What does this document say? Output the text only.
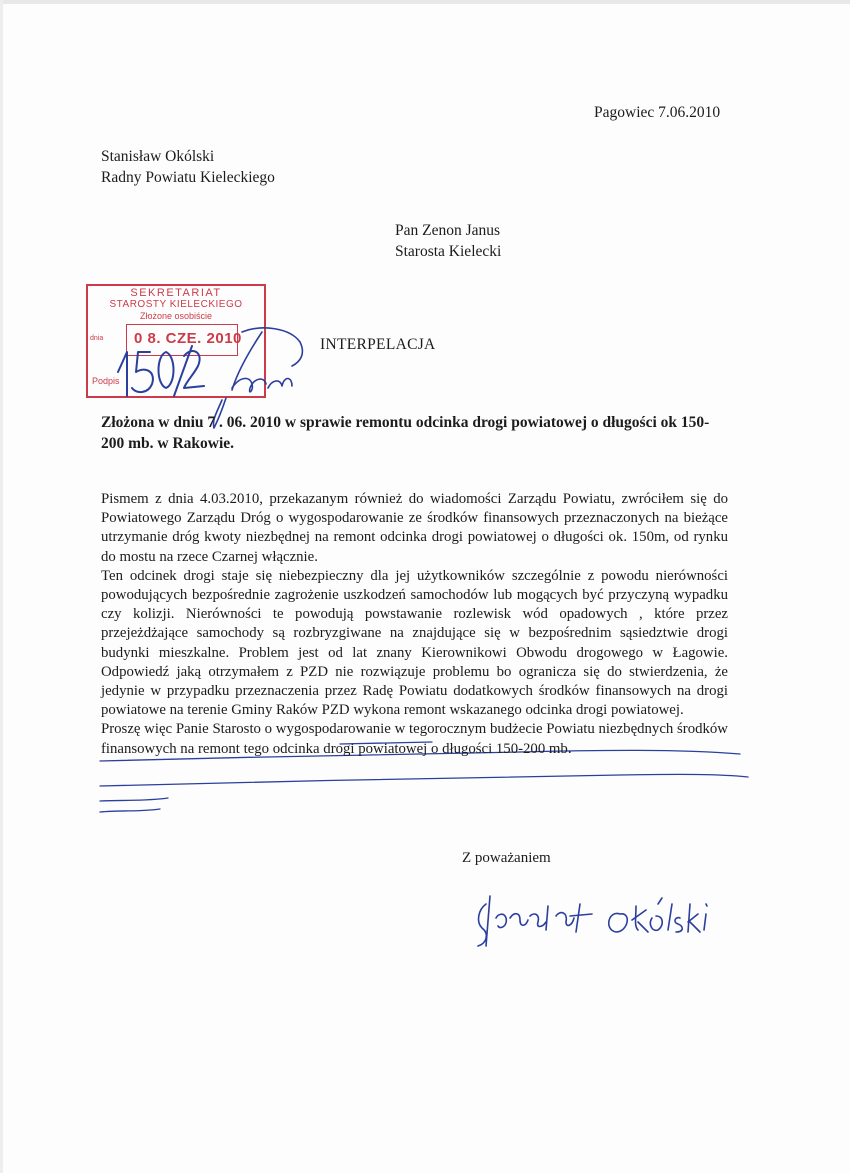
Pagowiec 7.06.2010
Stanisław Okólski
Radny Powiatu Kieleckiego
Pan Zenon Janus
Starosta Kielecki
SEKRETARIAT
STAROSTY KIELECKIEGO
Złożone osobiście
0 8. CZE. 2010
dnia
Podpis
INTERPELACJA
Złożona w dniu 7 . 06. 2010 w sprawie remontu odcinka drogi powiatowej o długości ok 150-200 mb. w Rakowie.

Pismem z dnia 4.03.2010, przekazanym również do wiadomości Zarządu Powiatu, zwróciłem się do Powiatowego Zarządu Dróg o wygospodarowanie ze środków finansowych przeznaczonych na bieżące utrzymanie dróg kwoty niezbędnej na remont odcinka drogi powiatowej o długości ok. 150m, od rynku do mostu na rzece Czarnej włącznie.

Ten odcinek drogi staje się niebezpieczny dla jej użytkowników szczególnie z powodu nierówności powodujących bezpośrednie zagrożenie uszkodzeń samochodów lub mogących być przyczyną wypadku czy kolizji. Nierówności te powodują powstawanie rozlewisk wód opadowych , które przez przejeżdżające samochody są rozbryzgiwane na znajdujące się w bezpośrednim sąsiedztwie drogi budynki mieszkalne. Problem jest od lat znany Kierownikowi Obwodu drogowego w Łagowie. Odpowiedź jaką otrzymałem z PZD nie rozwiązuje problemu bo ogranicza się do stwierdzenia, że jedynie w przypadku przeznaczenia przez Radę Powiatu dodatkowych środków finansowych na drogi powiatowe na terenie Gminy Raków PZD wykona remont wskazanego odcinka drogi powiatowej.

Proszę więc Panie Starosto o wygospodarowanie w tegorocznym budżecie Powiatu niezbędnych środków finansowych na remont tego odcinka drogi powiatowej o długości 150-200 mb.

Z poważaniem
